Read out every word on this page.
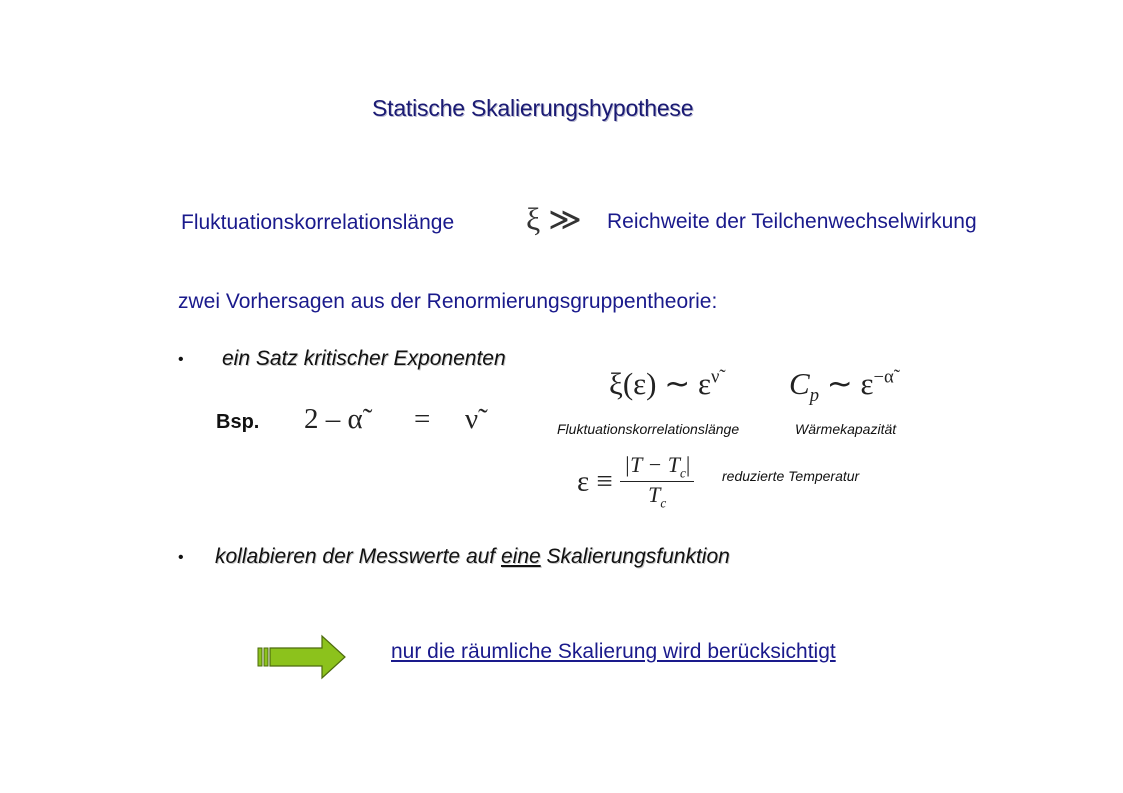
Statische Skalierungshypothese
Fluktuationskorrelationslänge ξ ≫ Reichweite der Teilchenwechselwirkung
zwei Vorhersagen aus der Renormierungsgruppentheorie:
• ein Satz kritischer Exponenten
Bsp. 2 – α̃ = ν̃
ξ(ε) ∼ $\varepsilon^{\nũ}$
Fluktuationskorrelationslänge
$C_p$ ∼ $\varepsilon^{-\alphã}$
Wärmekapazität
$\varepsilon \equiv \frac{|T - T_c|}{T_c}$ reduzierte Temperatur
• kollabieren der Messwerte auf eine Skalierungsfunktion
nur die räumliche Skalierung wird berücksichtigt
